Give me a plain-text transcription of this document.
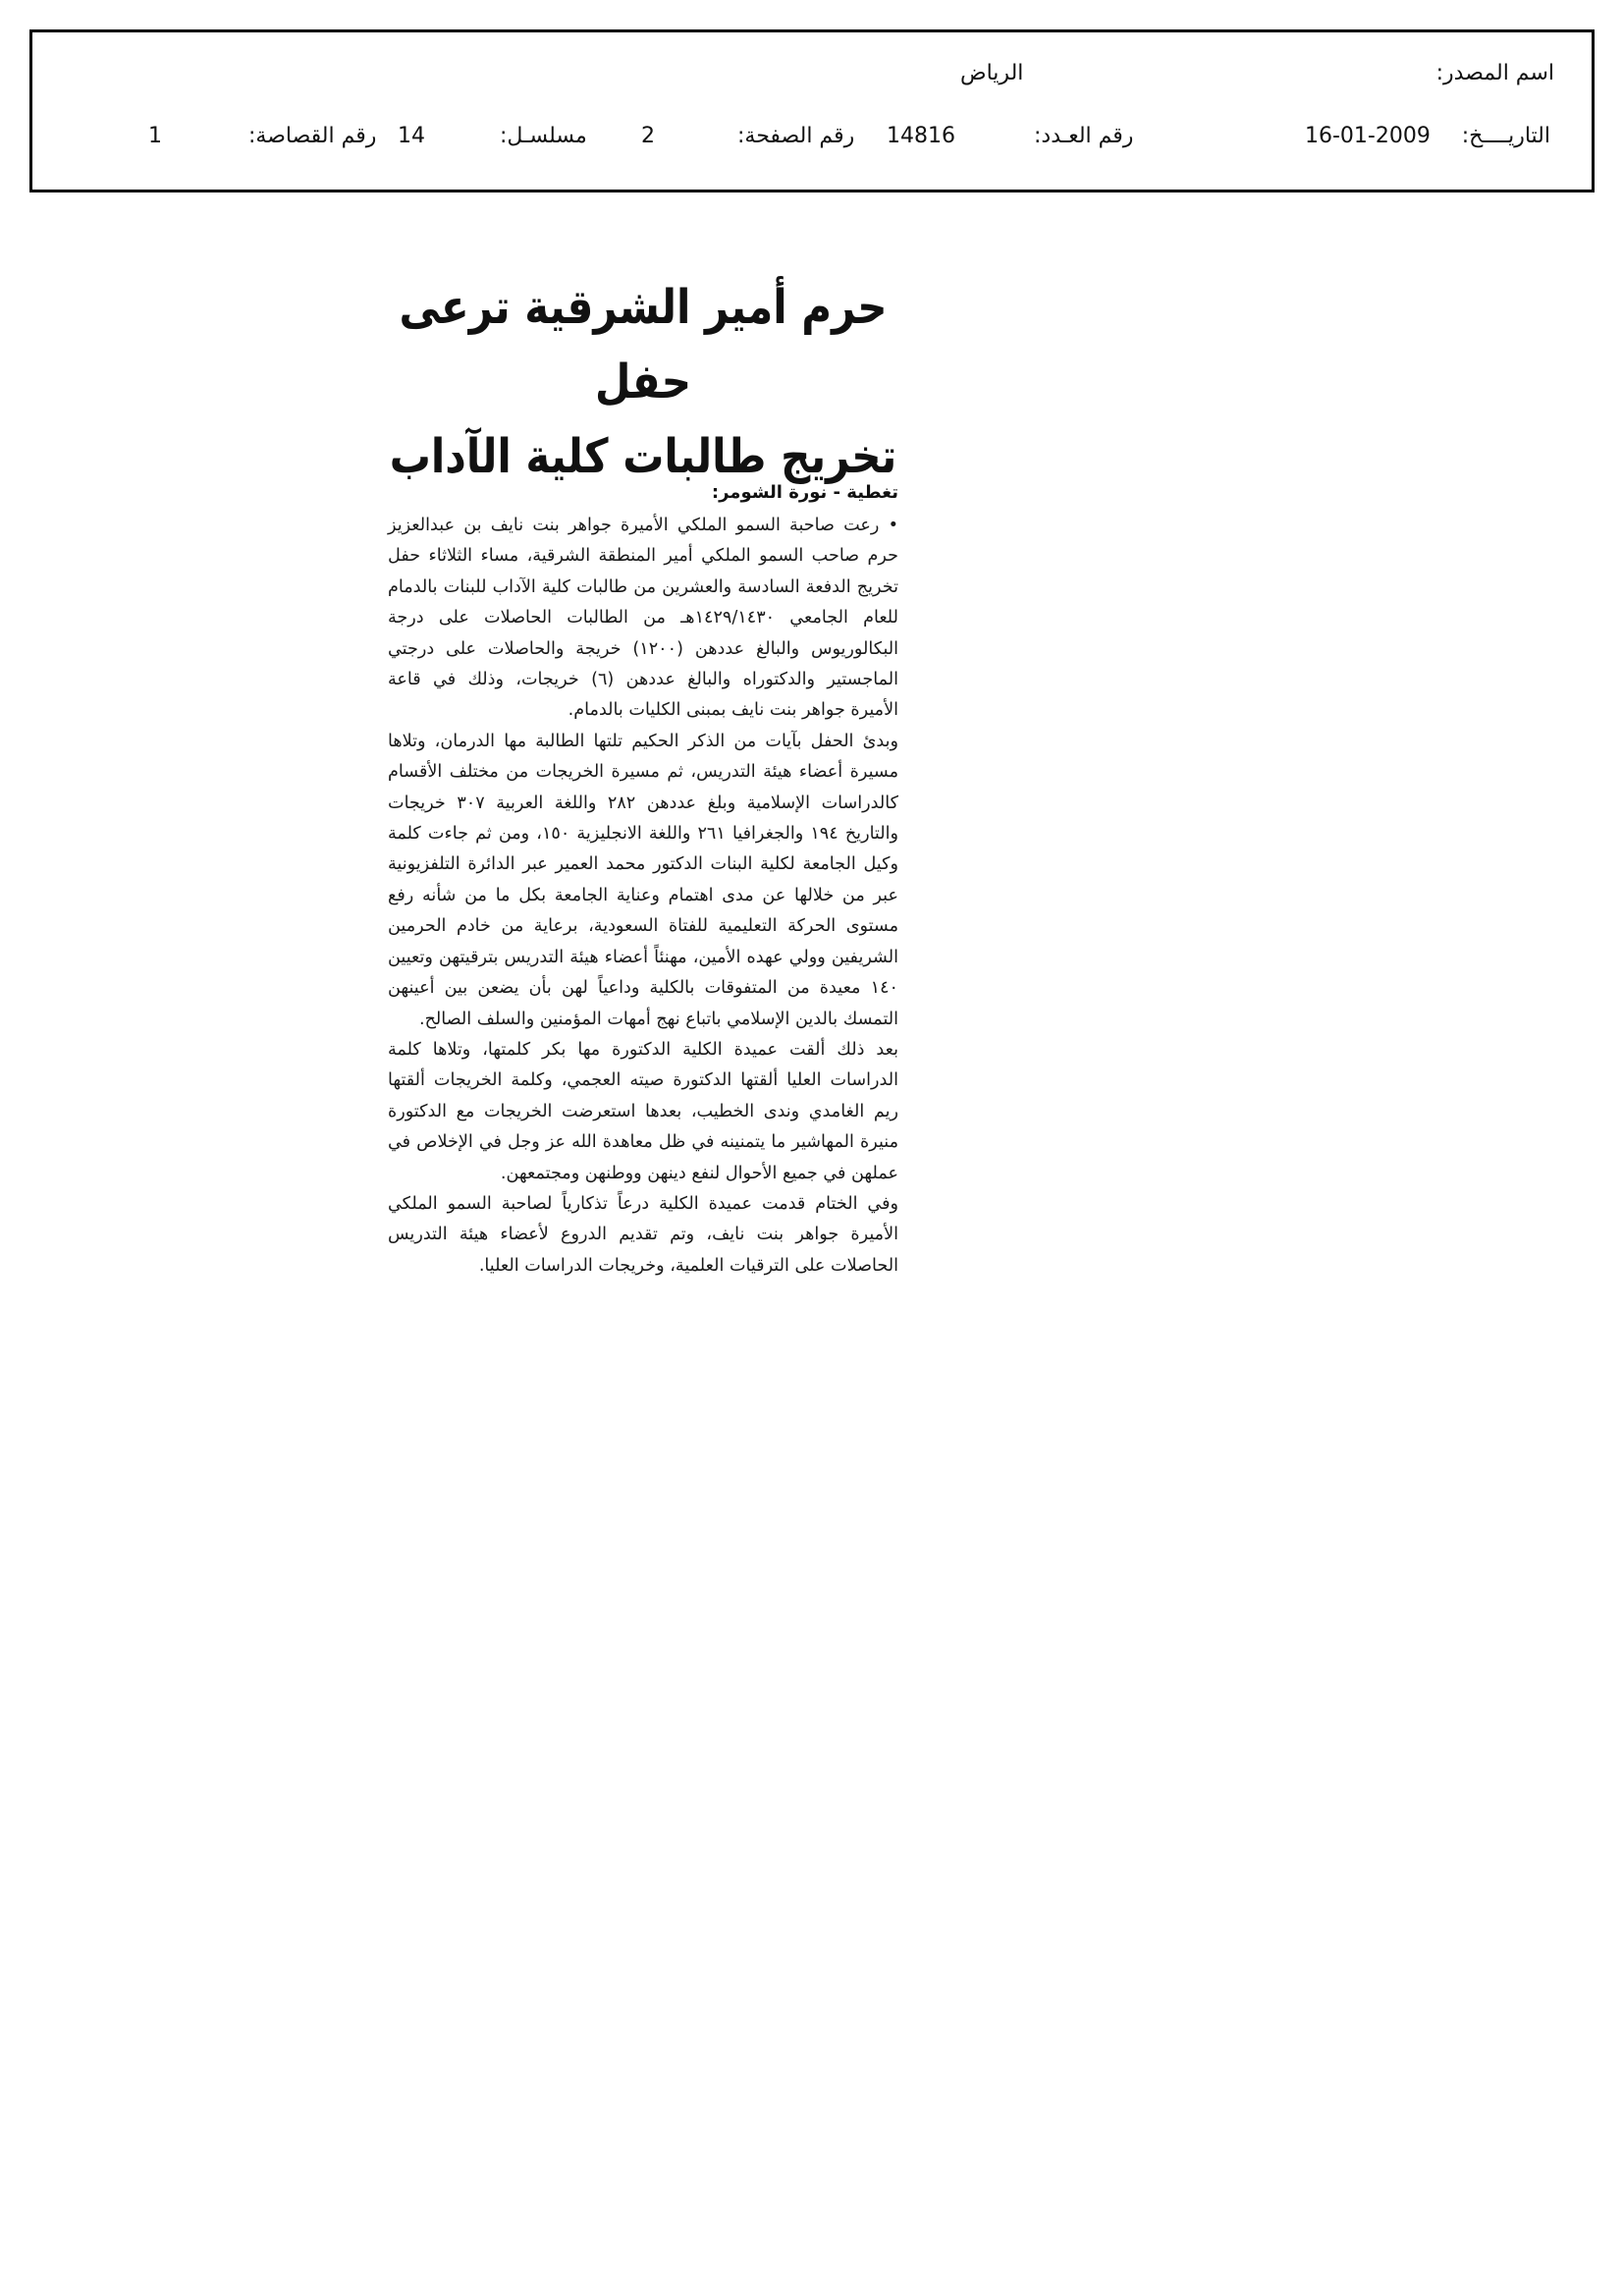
اسم المصدر:
الرياض
التاريــــخ:
16-01-2009
رقم العـدد:
14816
رقم الصفحة:
2
مسلسـل:
14
رقم القصاصة:
1
حرم أمير الشرقية ترعى حفل
تخريج طالبات كلية الآداب
تغطية - نورة الشومر:

• رعت صاحبة السمو الملكي الأميرة جواهر بنت نايف بن عبدالعزيز حرم صاحب السمو الملكي أمير المنطقة الشرقية، مساء الثلاثاء حفل تخريج الدفعة السادسة والعشرين من طالبات كلية الآداب للبنات بالدمام للعام الجامعي ١٤٢٩/١٤٣٠هـ من الطالبات الحاصلات على درجة البكالوريوس والبالغ عددهن (١٢٠٠) خريجة والحاصلات على درجتي الماجستير والدكتوراه والبالغ عددهن (٦) خريجات، وذلك في قاعة الأميرة جواهر بنت نايف بمبنى الكليات بالدمام.

وبدئ الحفل بآيات من الذكر الحكيم تلتها الطالبة مها الدرمان، وتلاها مسيرة أعضاء هيئة التدريس، ثم مسيرة الخريجات من مختلف الأقسام كالدراسات الإسلامية وبلغ عددهن ٢٨٢ واللغة العربية ٣٠٧ خريجات والتاريخ ١٩٤ والجغرافيا ٢٦١ واللغة الانجليزية ١٥٠، ومن ثم جاءت كلمة وكيل الجامعة لكلية البنات الدكتور محمد العمير عبر الدائرة التلفزيونية عبر من خلالها عن مدى اهتمام وعناية الجامعة بكل ما من شأنه رفع مستوى الحركة التعليمية للفتاة السعودية، برعاية من خادم الحرمين الشريفين وولي عهده الأمين، مهنئاً أعضاء هيئة التدريس بترقيتهن وتعيين ١٤٠ معيدة من المتفوقات بالكلية وداعياً لهن بأن يضعن بين أعينهن التمسك بالدين الإسلامي باتباع نهج أمهات المؤمنين والسلف الصالح.

بعد ذلك ألقت عميدة الكلية الدكتورة مها بكر كلمتها، وتلاها كلمة الدراسات العليا ألقتها الدكتورة صيته العجمي، وكلمة الخريجات ألقتها ريم الغامدي وندى الخطيب، بعدها استعرضت الخريجات مع الدكتورة منيرة المهاشير ما يتمنينه في ظل معاهدة الله عز وجل في الإخلاص في عملهن في جميع الأحوال لنفع دينهن ووطنهن ومجتمعهن.

وفي الختام قدمت عميدة الكلية درعاً تذكارياً لصاحبة السمو الملكي الأميرة جواهر بنت نايف، وتم تقديم الدروع لأعضاء هيئة التدريس الحاصلات على الترقيات العلمية، وخريجات الدراسات العليا.
